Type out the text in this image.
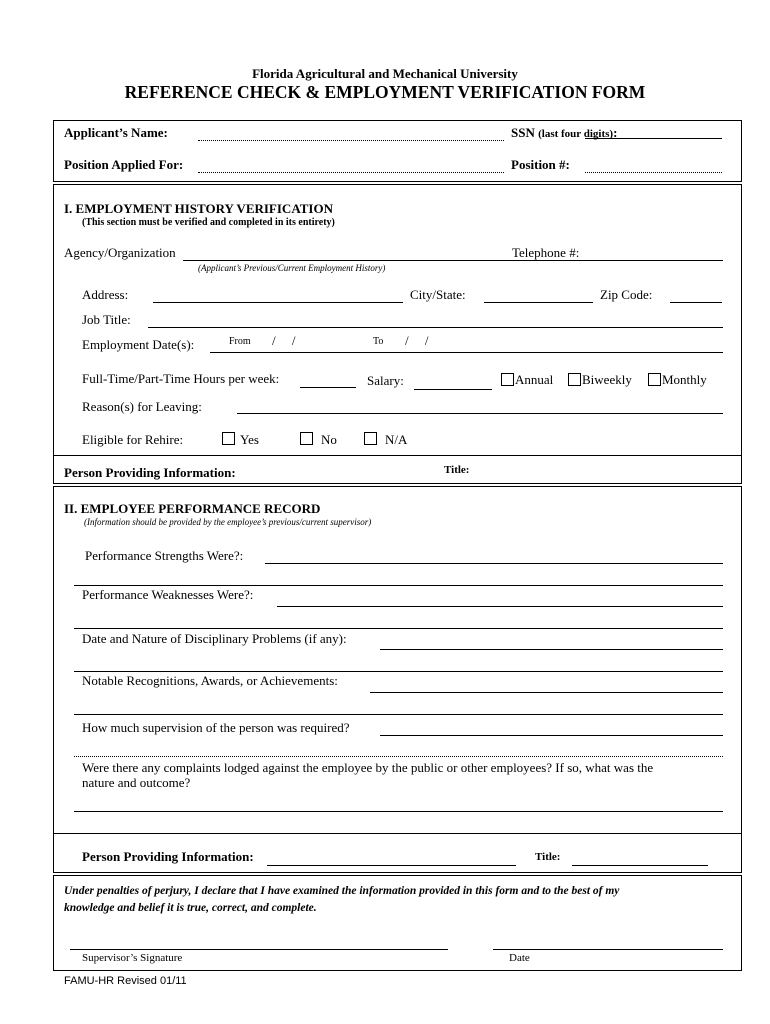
Florida Agricultural and Mechanical University
REFERENCE CHECK & EMPLOYMENT VERIFICATION FORM
Applicant’s Name:	SSN (last four digits):
Position Applied For:	Position #:
I. EMPLOYMENT HISTORY VERIFICATION
(This section must be verified and completed in its entirety)
Agency/Organization	Telephone #:
(Applicant’s Previous/Current Employment History)
Address:	City/State:	Zip Code:
Job Title:
Employment Date(s):	From /     /	To /     /
Full-Time/Part-Time Hours per week:	Salary:	Annual Biweekly Monthly
Reason(s) for Leaving:
Eligible for Rehire:	Yes	No	N/A
Person Providing Information:	Title:
II. EMPLOYEE PERFORMANCE RECORD
(Information should be provided by the employee’s previous/current supervisor)
Performance Strengths Were?:
Performance Weaknesses Were?:
Date and Nature of Disciplinary Problems (if any):
Notable Recognitions, Awards, or Achievements:
How much supervision of the person was required?
Were there any complaints lodged against the employee by the public or other employees? If so, what was the
nature and outcome?
Person Providing Information:	Title:
Under penalties of perjury, I declare that I have examined the information provided in this form and to the best of my
knowledge and belief it is true, correct, and complete.
Supervisor’s Signature	Date
FAMU-HR Revised 01/11
